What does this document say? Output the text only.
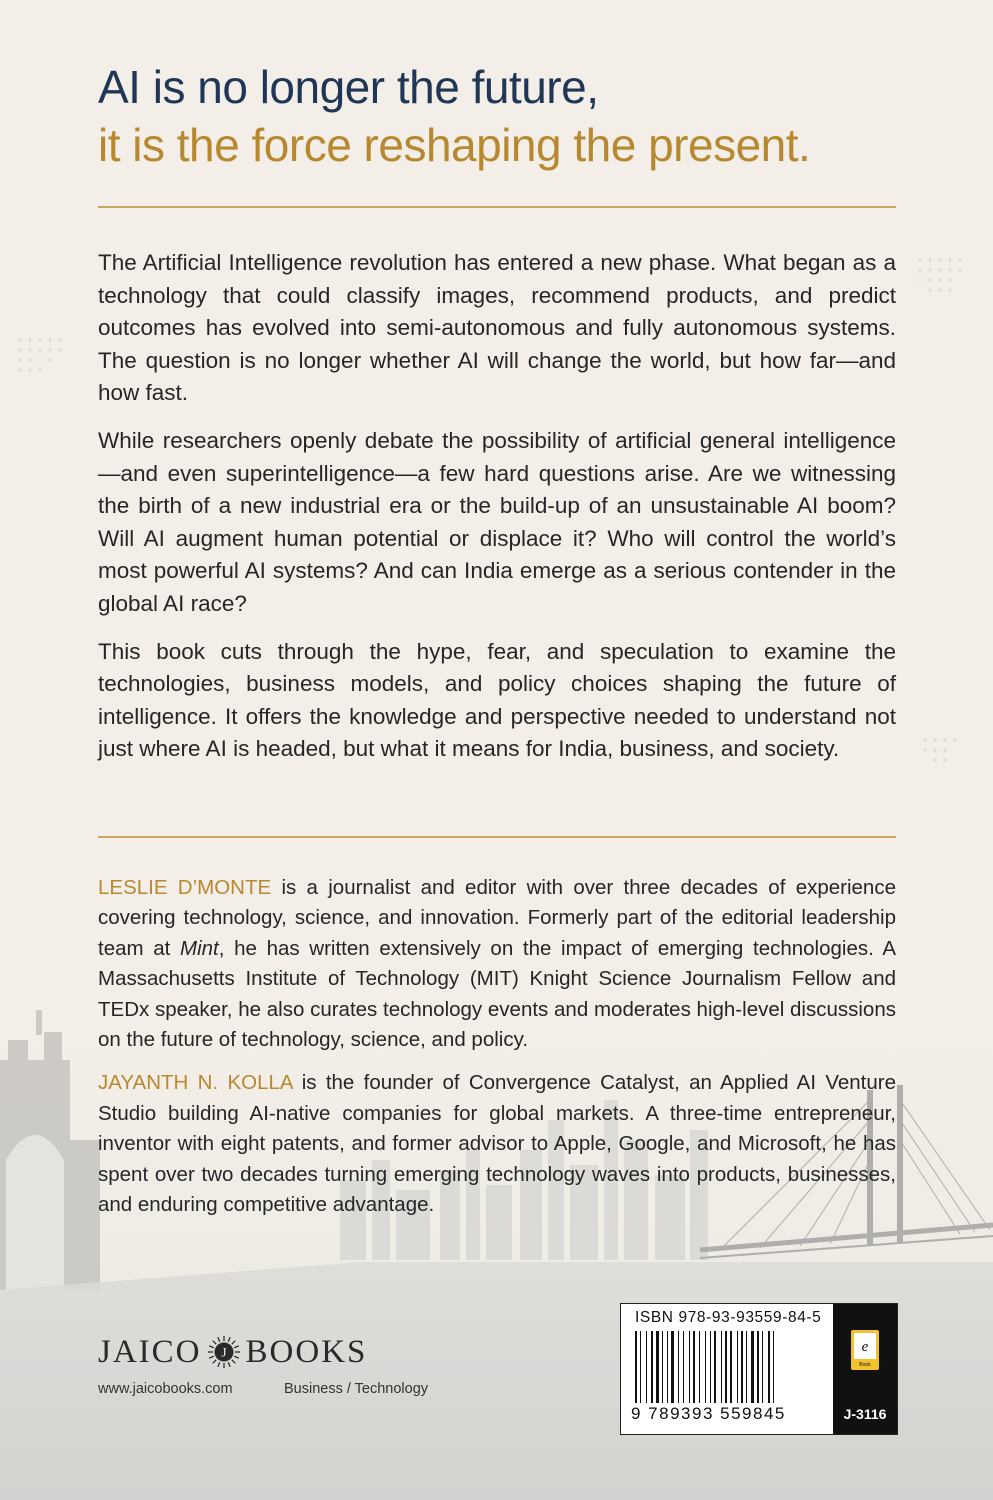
AI is no longer the future,
it is the force reshaping the present.

The Artificial Intelligence revolution has entered a new phase. What began as a technology that could classify images, recommend products, and predict outcomes has evolved into semi-autonomous and fully autonomous systems. The question is no longer whether AI will change the world, but how far—and how fast.

While researchers openly debate the possibility of artificial general intelligence—and even superintelligence—a few hard questions arise. Are we witnessing the birth of a new industrial era or the build-up of an unsustainable AI boom? Will AI augment human potential or displace it? Who will control the world’s most powerful AI systems? And can India emerge as a serious contender in the global AI race?

This book cuts through the hype, fear, and speculation to examine the technologies, business models, and policy choices shaping the future of intelligence. It offers the knowledge and perspective needed to understand not just where AI is headed, but what it means for India, business, and society.

LESLIE D’MONTE is a journalist and editor with over three decades of experience covering technology, science, and innovation. Formerly part of the editorial leadership team at Mint, he has written extensively on the impact of emerging technologies. A Massachusetts Institute of Technology (MIT) Knight Science Journalism Fellow and TEDx speaker, he also curates technology events and moderates high-level discussions on the future of technology, science, and policy.

JAYANTH N. KOLLA is the founder of Convergence Catalyst, an Applied AI Venture Studio building AI-native companies for global markets. A three-time entrepreneur, inventor with eight patents, and former advisor to Apple, Google, and Microsoft, he has spent over two decades turning emerging technology waves into products, businesses, and enduring competitive advantage.

JAICO J BOOKS
www.jaicobooks.com	Business / Technology
ISBN 978-93-93559-84-5
9 789393 559845
e
Book
J-3116
